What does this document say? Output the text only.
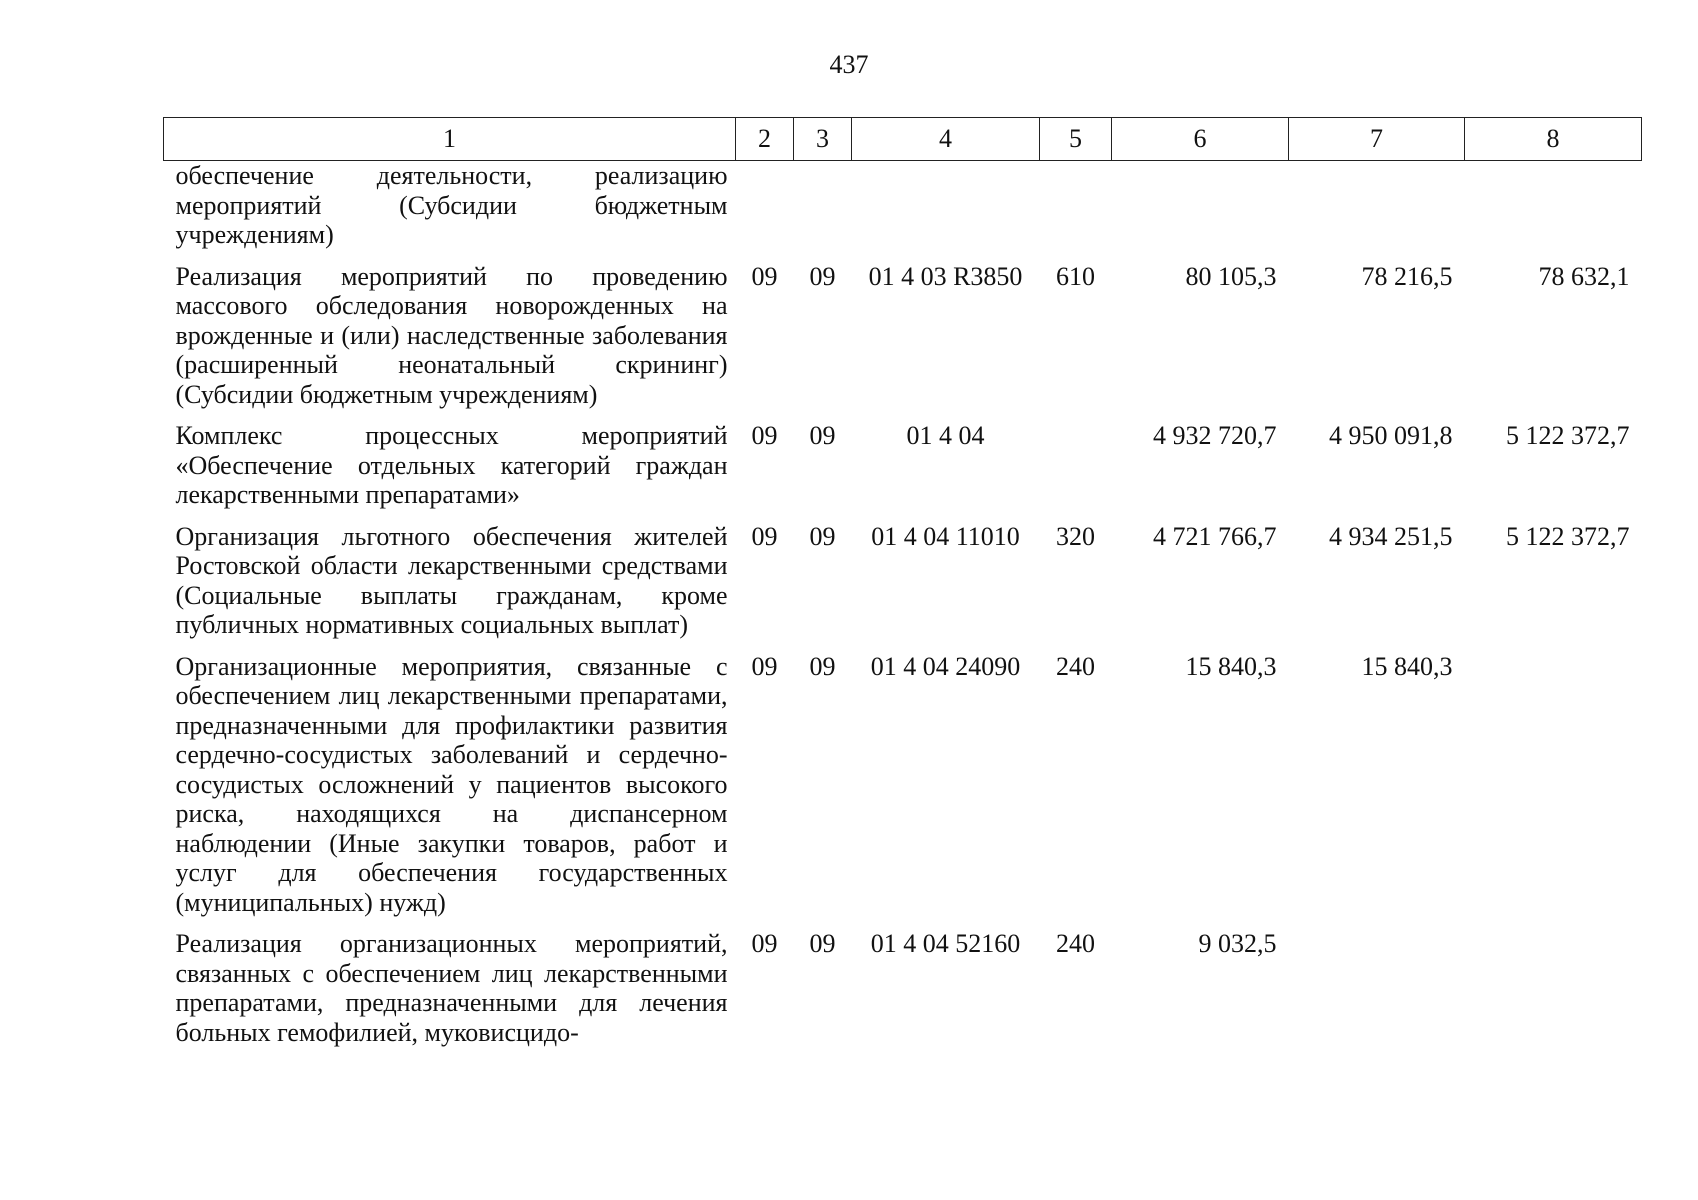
437
1	2	3	4	5	6	7	8
обеспечение деятельности, реализацию мероприятий (Субсидии бюджетным учреждениям)							
Реализация мероприятий по проведению массового обследования новорожденных на врожденные и (или) наследственные заболевания (расширенный неонатальный скрининг) (Субсидии бюджетным учреждениям)	09	09	01 4 03 R3850	610	80 105,3	78 216,5	78 632,1
Комплекс процессных мероприятий «Обеспечение отдельных категорий граждан лекарственными препаратами»	09	09	01 4 04		4 932 720,7	4 950 091,8	5 122 372,7
Организация льготного обеспечения жителей Ростовской области лекарственными средствами (Социальные выплаты гражданам, кроме публичных нормативных социальных выплат)	09	09	01 4 04 11010	320	4 721 766,7	4 934 251,5	5 122 372,7
Организационные мероприятия, связанные с обеспечением лиц лекарственными препаратами, предназначенными для профилактики развития сердечно-сосудистых заболеваний и сердечно-сосудистых осложнений у пациентов высокого риска, находящихся на диспансерном наблюдении (Иные закупки товаров, работ и услуг для обеспечения государственных (муниципальных) нужд)	09	09	01 4 04 24090	240	15 840,3	15 840,3	
Реализация организационных мероприятий, связанных с обеспечением лиц лекарственными препаратами, предназначенными для лечения больных гемофилией, муковисцидо-	09	09	01 4 04 52160	240	9 032,5		
